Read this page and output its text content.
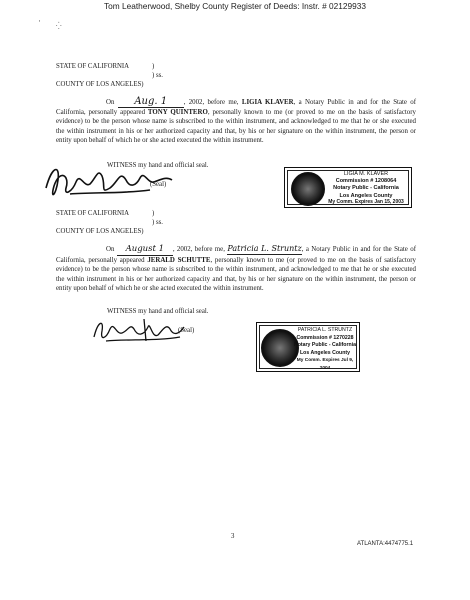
Tom Leatherwood, Shelby County Register of Deeds: Instr. # 02129933
· ⁛
STATE OF CALIFORNIA	)
) ss.
COUNTY OF LOS ANGELES)
On Aug. 1 , 2002, before me, LIGIA KLAVER, a Notary Public in and for the State of California, personally appeared TONY QUINTERO, personally known to me (or proved to me on the basis of satisfactory evidence) to be the person whose name is subscribed to the within instrument, and acknowledged to me that he or she executed the within instrument in his or her authorized capacity and that, by his or her signature on the within instrument, the person or entity upon behalf of which he or she acted executed the within instrument.
WITNESS my hand and official seal.
(Seal)
LIGIA M. KLAVER
Commission # 1208064
Notary Public - California
Los Angeles County
My Comm. Expires Jan 15, 2003
STATE OF CALIFORNIA	)
) ss.
COUNTY OF LOS ANGELES)
On August 1 , 2002, before me, Patricia L. Struntz, a Notary Public in and for the State of California, personally appeared JERALD SCHUTTE, personally known to me (or proved to me on the basis of satisfactory evidence) to be the person whose name is subscribed to the within instrument, and acknowledged to me that he or she executed the within instrument in his or her authorized capacity and that, by his or her signature on the within instrument, the person or entity upon behalf of which he or she acted executed the within instrument.
WITNESS my hand and official seal.
(Seal)	PATRICIA L. STRUNTZ
Commission # 1270228
Notary Public - California
Los Angeles County
My Comm. Expires Jul 9, 2004
3
ATLANTA:4474775.1
